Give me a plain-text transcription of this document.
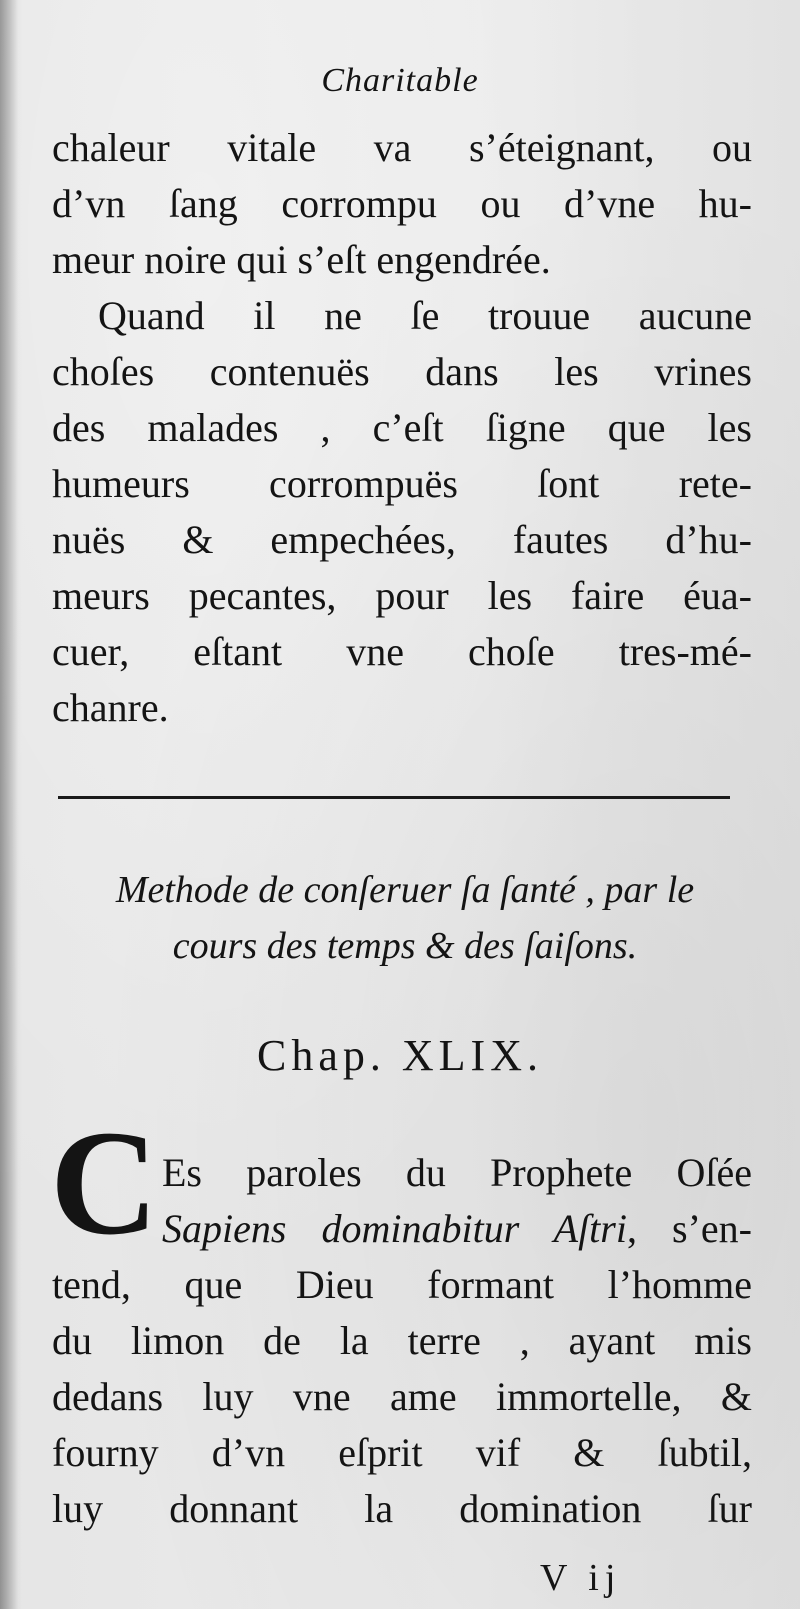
Charitable
chaleur vitale va s’éteignant, ou
d’vn ſang corrompu ou d’vne hu-
meur noire qui s’eſt engendrée.
Quand il ne ſe trouue aucune
choſes contenuës dans les vrines
des malades , c’eſt ſigne que les
humeurs corrompuës ſont rete-
nuës & empechées, fautes d’hu-
meurs pecantes, pour les faire éua-
cuer, eſtant vne choſe tres-mé-
chanre.
Methode de conſeruer ſa ſanté , par le
cours des temps & des ſaiſons.
Chap. XLIX.
C Es paroles du Prophete Oſée
Sapiens dominabitur Aſtri, s’en-
tend, que Dieu formant l’homme
du limon de la terre , ayant mis
dedans luy vne ame immortelle, &
fourny d’vn eſprit vif & ſubtil,
luy donnant la domination ſur
V ij
